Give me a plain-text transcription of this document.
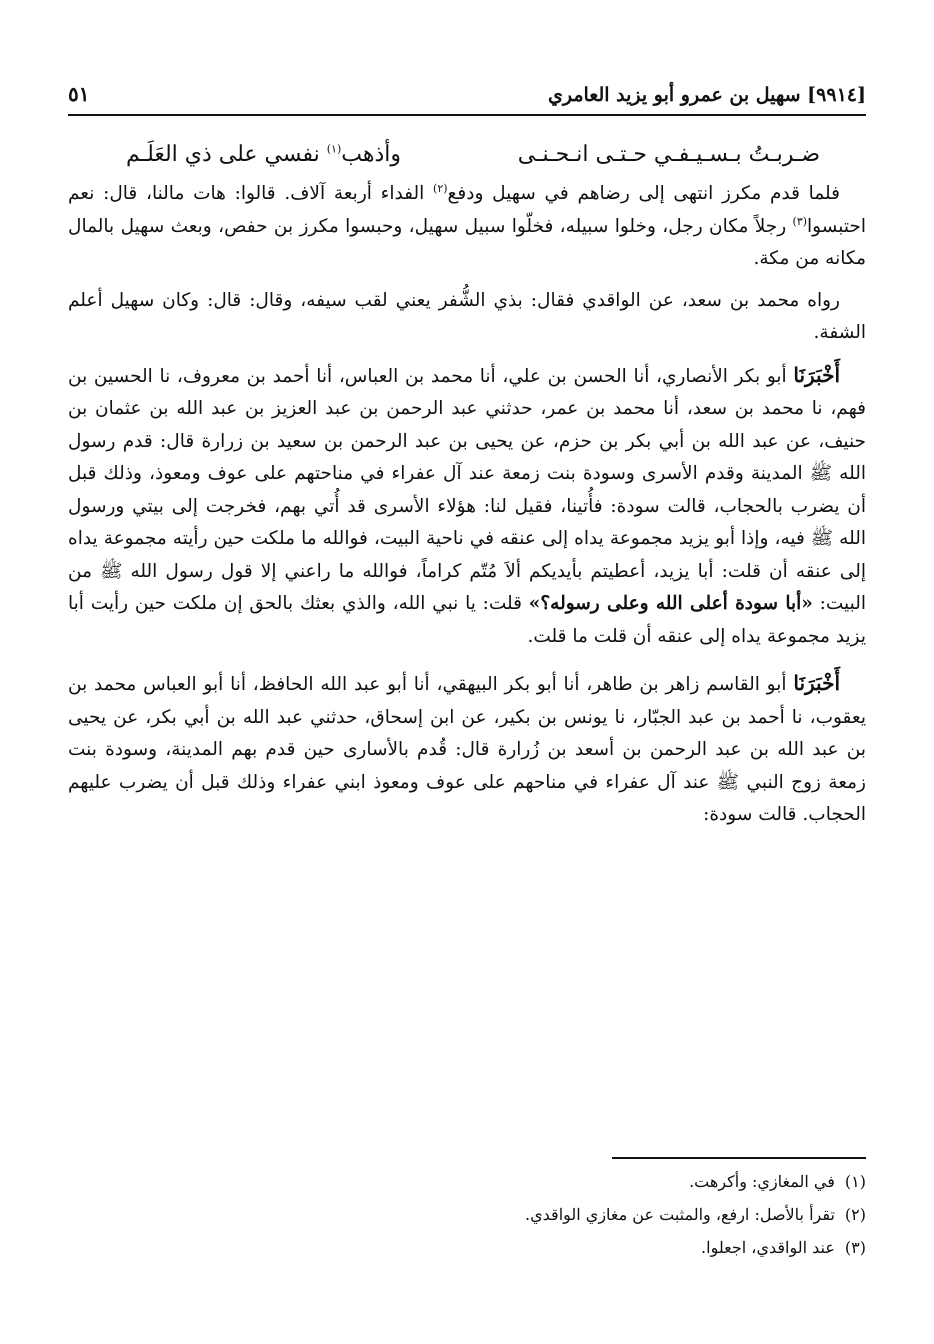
[٩٩١٤] سهيل بن عمرو أبو يزيد العامري
٥١
ضـربـتُ بـسـيـفـي حـتـى انـحـنـى
وأذهب$^{(١)}$ نفسي على ذي العَلَـم

فلما قدم مكرز انتهى إلى رضاهم في سهيل ودفع$^{(٢)}$ الفداء أربعة آلاف. قالوا: هات مالنا، قال: نعم احتبسوا$^{(٣)}$ رجلاً مكان رجل، وخلوا سبيله، فخلّوا سبيل سهيل، وحبسوا مكرز بن حفص، وبعث سهيل بالمال مكانه من مكة.

رواه محمد بن سعد، عن الواقدي فقال: بذي الشُّفر يعني لقب سيفه، وقال: قال: وكان سهيل أعلم الشفة.

أَخْبَرَنَا أبو بكر الأنصاري، أنا الحسن بن علي، أنا محمد بن العباس، أنا أحمد بن معروف، نا الحسين بن فهم، نا محمد بن سعد، أنا محمد بن عمر، حدثني عبد الرحمن بن عبد العزيز بن عبد الله بن عثمان بن حنيف، عن عبد الله بن أبي بكر بن حزم، عن يحيى بن عبد الرحمن بن سعيد بن زرارة قال: قدم رسول الله ﷺ المدينة وقدم الأسرى وسودة بنت زمعة عند آل عفراء في مناحتهم على عوف ومعوذ، وذلك قبل أن يضرب بالحجاب، قالت سودة: فأُتينا، فقيل لنا: هؤلاء الأسرى قد أُتي بهم، فخرجت إلى بيتي ورسول الله ﷺ فيه، وإذا أبو يزيد مجموعة يداه إلى عنقه في ناحية البيت، فوالله ما ملكت حين رأيته مجموعة يداه إلى عنقه أن قلت: أبا يزيد، أعطيتم بأيديكم ألاَ مُتّم كراماً، فوالله ما راعني إلا قول رسول الله ﷺ من البيت: «أبا سودة أعلى الله وعلى رسوله؟» قلت: يا نبي الله، والذي بعثك بالحق إن ملكت حين رأيت أبا يزيد مجموعة يداه إلى عنقه أن قلت ما قلت.

أَخْبَرَنَا أبو القاسم زاهر بن طاهر، أنا أبو بكر البيهقي، أنا أبو عبد الله الحافظ، أنا أبو العباس محمد بن يعقوب، نا أحمد بن عبد الجبّار، نا يونس بن بكير، عن ابن إسحاق، حدثني عبد الله بن أبي بكر، عن يحيى بن عبد الله بن عبد الرحمن بن أسعد بن زُرارة قال: قُدم بالأسارى حين قدم بهم المدينة، وسودة بنت زمعة زوج النبي ﷺ عند آل عفراء في مناحهم على عوف ومعوذ ابني عفراء وذلك قبل أن يضرب عليهم الحجاب. قالت سودة:

(١)في المغازي: وأكرهت.
(٢)تقرأ بالأصل: ارفع، والمثبت عن مغازي الواقدي.
(٣)عند الواقدي، اجعلوا.
